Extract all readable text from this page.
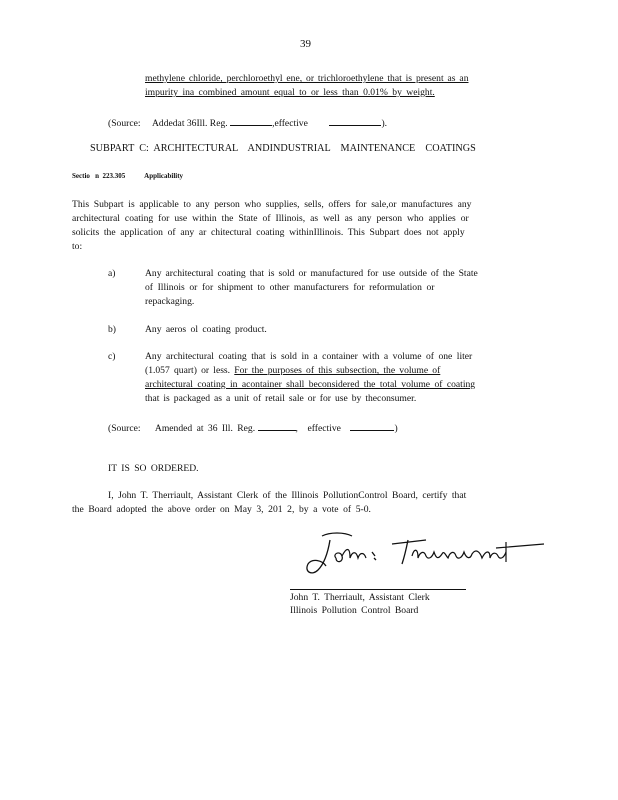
39
methylene chloride, perchloroethyl ene, or trichloroethylene that is present as an
impurity ina combined amount equal to or less than 0.01% by weight.
(Source: Addedat 36Ill. Reg.	,effective	).
SUBPART  C:  ARCHITECTURAL    ANDINDUSTRIAL    MAINTENANCE    COATINGS
Sectio   n  223.305	Applicability
This Subpart is applicable to any person who supplies, sells, offers for sale,or manufactures any
architectural coating for use within the State of Illinois, as well as any person who applies or
solicits the application of any ar chitectural coating withinIllinois. This Subpart does not apply
to:
a)	Any architectural coating that is sold or manufactured for use outside of the State
of Illinois or for shipment to other manufacturers for reformulation or
repackaging.
b)	Any aeros ol coating product.
c)	Any architectural coating that is sold in a container with a volume of one liter
(1.057 quart) or less. For the purposes of this subsection, the volume of
architectural coating in acontainer shall beconsidered the total volume of coating
that is packaged as a unit of retail sale or for use by theconsumer.
(Source: Amended at 36 Ill. Reg.	, effective	)
IT IS SO ORDERED.
I, John T. Therriault, Assistant Clerk of the Illinois PollutionControl Board, certify that
the Board adopted the above order on May 3, 201 2, by a vote of 5-0.
John T. Therriault, Assistant Clerk
Illinois Pollution Control Board
